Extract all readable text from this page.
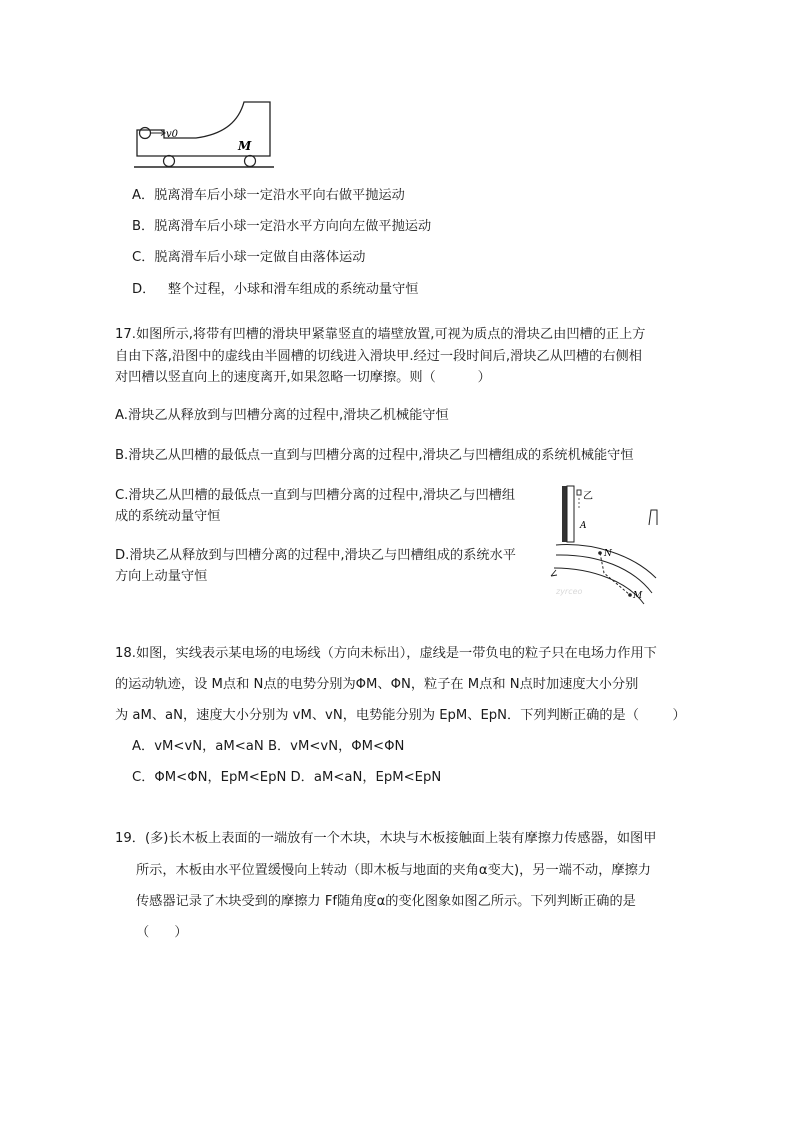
v0
M
A．脱离滑车后小球一定沿水平向右做平抛运动
B．脱离滑车后小球一定沿水平方向向左做平抛运动
C．脱离滑车后小球一定做自由落体运动
D．   整个过程，小球和滑车组成的系统动量守恒
17.如图所示,将带有凹槽的滑块甲紧靠竖直的墙壁放置,可视为质点的滑块乙由凹槽的正上方
自由下落,沿图中的虚线由半圆槽的切线进入滑块甲.经过一段时间后,滑块乙从凹槽的右侧相
对凹槽以竖直向上的速度离开,如果忽略一切摩擦。则（          ）
A.滑块乙从释放到与凹槽分离的过程中,滑块乙机械能守恒
B.滑块乙从凹槽的最低点一直到与凹槽分离的过程中,滑块乙与凹槽组成的系统机械能守恒
C.滑块乙从凹槽的最低点一直到与凹槽分离的过程中,滑块乙与凹槽组
成的系统动量守恒
D.滑块乙从释放到与凹槽分离的过程中,滑块乙与凹槽组成的系统水平
方向上动量守恒
乙
A
N
M
zyrceo
18.如图，实线表示某电场的电场线（方向未标出），虚线是一带负电的粒子只在电场力作用下
的运动轨迹，设 M点和 N点的电势分别为ΦM、ΦN，粒子在 M点和 N点时加速度大小分别
为 aM、aN，速度大小分别为 vM、vN，电势能分别为 EpM、EpN．下列判断正确的是（        ）
A．vM<vN，aM<aN B．vM<vN，ΦM<ΦN
C．ΦM<ΦN，EpM<EpN D．aM<aN，EpM<EpN
19．(多)长木板上表面的一端放有一个木块，木块与木板接触面上装有摩擦力传感器，如图甲
所示，木板由水平位置缓慢向上转动（即木板与地面的夹角α变大)，另一端不动，摩擦力
传感器记录了木块受到的摩擦力 Ff随角度α的变化图象如图乙所示。下列判断正确的是
（      ）
